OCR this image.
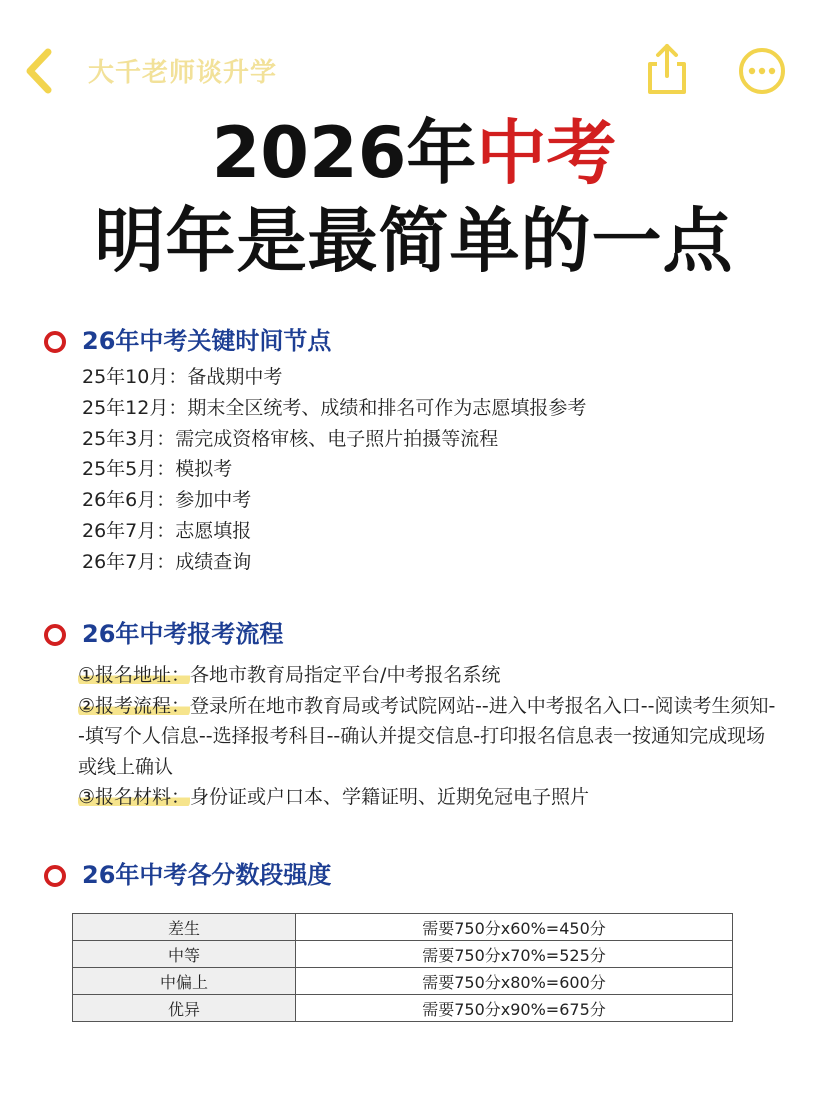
大千老师谈升学
2026年中考
明年是最简单的一点
26年中考关键时间节点
25年10月：备战期中考
25年12月：期末全区统考、成绩和排名可作为志愿填报参考
25年3月：需完成资格审核、电子照片拍摄等流程
25年5月：模拟考
26年6月：参加中考
26年7月：志愿填报
26年7月：成绩查询
26年中考报考流程
①报名地址：各地市教育局指定平台/中考报名系统
②报考流程：登录所在地市教育局或考试院网站--进入中考报名入口--阅读考生须知--填写个人信息--选择报考科目--确认并提交信息-打印报名信息表一按通知完成现场或线上确认
③报名材料：身份证或户口本、学籍证明、近期免冠电子照片
26年中考各分数段强度
差生	需要750分x60%=450分
中等	需要750分x70%=525分
中偏上	需要750分x80%=600分
优异	需要750分x90%=675分
